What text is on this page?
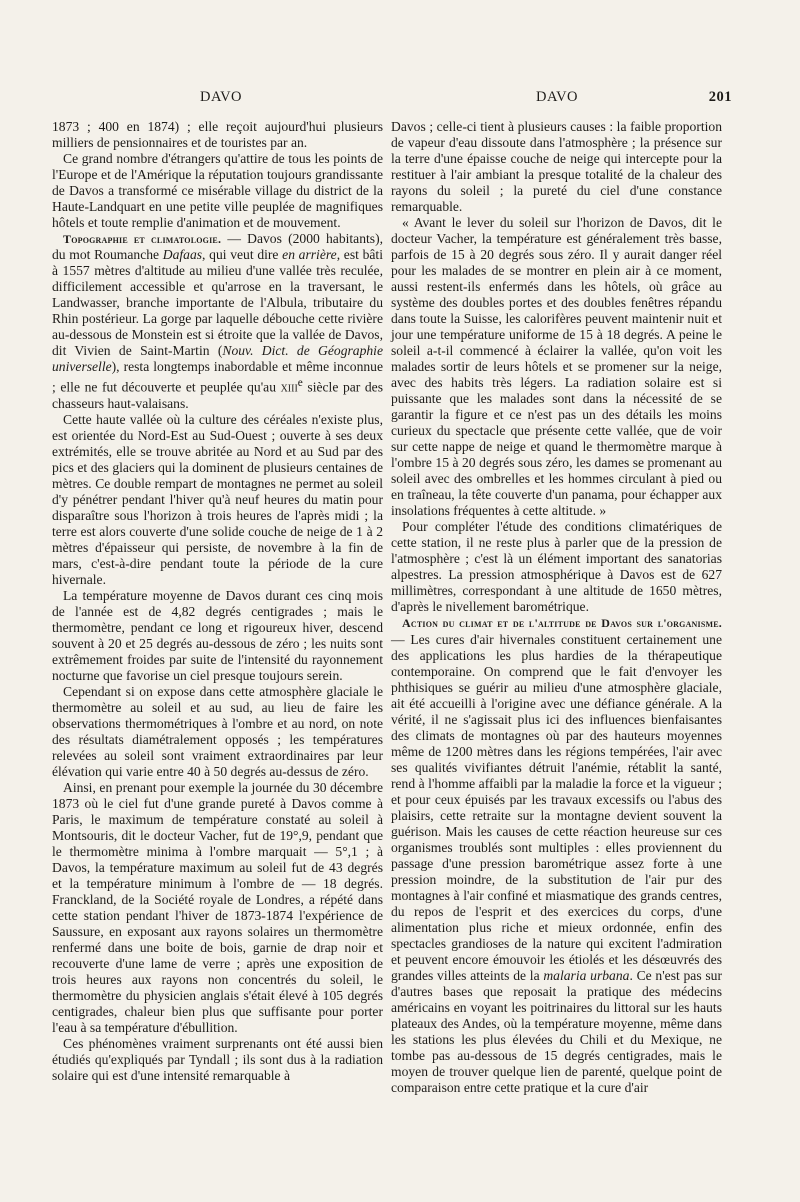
DAVO	DAVO	201

1873 ; 400 en 1874) ; elle reçoit aujourd'hui plusieurs milliers de pensionnaires et de touristes par an.

Ce grand nombre d'étrangers qu'attire de tous les points de l'Europe et de l'Amérique la réputation toujours grandissante de Davos a transformé ce misérable village du district de la Haute-Landquart en une petite ville peuplée de magnifiques hôtels et toute remplie d'animation et de mouvement.

Topographie et climatologie. — Davos (2000 habitants), du mot Roumanche Dafaas, qui veut dire en arrière, est bâti à 1557 mètres d'altitude au milieu d'une vallée très reculée, difficilement accessible et qu'arrose en la traversant, le Landwasser, branche importante de l'Albula, tributaire du Rhin postérieur. La gorge par laquelle débouche cette rivière au-dessous de Monstein est si étroite que la vallée de Davos, dit Vivien de Saint-Martin (Nouv. Dict. de Géographie universelle), resta longtemps inabordable et même inconnue ; elle ne fut découverte et peuplée qu'au xiii$^e$ siècle par des chasseurs haut-valaisans.

Cette haute vallée où la culture des céréales n'existe plus, est orientée du Nord-Est au Sud-Ouest ; ouverte à ses deux extrémités, elle se trouve abritée au Nord et au Sud par des pics et des glaciers qui la dominent de plusieurs centaines de mètres. Ce double rempart de montagnes ne permet au soleil d'y pénétrer pendant l'hiver qu'à neuf heures du matin pour disparaître sous l'horizon à trois heures de l'après midi ; la terre est alors couverte d'une solide couche de neige de 1 à 2 mètres d'épaisseur qui persiste, de novembre à la fin de mars, c'est-à-dire pendant toute la période de la cure hivernale.

La température moyenne de Davos durant ces cinq mois de l'année est de 4,82 degrés centigrades ; mais le thermomètre, pendant ce long et rigoureux hiver, descend souvent à 20 et 25 degrés au-dessous de zéro ; les nuits sont extrêmement froides par suite de l'intensité du rayonnement nocturne que favorise un ciel presque toujours serein.

Cependant si on expose dans cette atmosphère glaciale le thermomètre au soleil et au sud, au lieu de faire les observations thermométriques à l'ombre et au nord, on note des résultats diamétralement opposés ; les températures relevées au soleil sont vraiment extraordinaires par leur élévation qui varie entre 40 à 50 degrés au-dessus de zéro.

Ainsi, en prenant pour exemple la journée du 30 décembre 1873 où le ciel fut d'une grande pureté à Davos comme à Paris, le maximum de température constaté au soleil à Montsouris, dit le docteur Vacher, fut de 19°,9, pendant que le thermomètre minima à l'ombre marquait — 5°,1 ; à Davos, la température maximum au soleil fut de 43 degrés et la température minimum à l'ombre de — 18 degrés. Franckland, de la Société royale de Londres, a répété dans cette station pendant l'hiver de 1873-1874 l'expérience de Saussure, en exposant aux rayons solaires un thermomètre renfermé dans une boite de bois, garnie de drap noir et recouverte d'une lame de verre ; après une exposition de trois heures aux rayons non concentrés du soleil, le thermomètre du physicien anglais s'était élevé à 105 degrés centigrades, chaleur bien plus que suffisante pour porter l'eau à sa température d'ébullition.

Ces phénomènes vraiment surprenants ont été aussi bien étudiés qu'expliqués par Tyndall ; ils sont dus à la radiation solaire qui est d'une intensité remarquable à

Davos ; celle-ci tient à plusieurs causes : la faible proportion de vapeur d'eau dissoute dans l'atmosphère ; la présence sur la terre d'une épaisse couche de neige qui intercepte pour la restituer à l'air ambiant la presque totalité de la chaleur des rayons du soleil ; la pureté du ciel d'une constance remarquable.

« Avant le lever du soleil sur l'horizon de Davos, dit le docteur Vacher, la température est généralement très basse, parfois de 15 à 20 degrés sous zéro. Il y aurait danger réel pour les malades de se montrer en plein air à ce moment, aussi restent-ils enfermés dans les hôtels, où grâce au système des doubles portes et des doubles fenêtres répandu dans toute la Suisse, les calorifères peuvent maintenir nuit et jour une température uniforme de 15 à 18 degrés. A peine le soleil a-t-il commencé à éclairer la vallée, qu'on voit les malades sortir de leurs hôtels et se promener sur la neige, avec des habits très légers. La radiation solaire est si puissante que les malades sont dans la nécessité de se garantir la figure et ce n'est pas un des détails les moins curieux du spectacle que présente cette vallée, que de voir sur cette nappe de neige et quand le thermomètre marque à l'ombre 15 à 20 degrés sous zéro, les dames se promenant au soleil avec des ombrelles et les hommes circulant à pied ou en traîneau, la tête couverte d'un panama, pour échapper aux insolations fréquentes à cette altitude. »

Pour compléter l'étude des conditions climatériques de cette station, il ne reste plus à parler que de la pression de l'atmosphère ; c'est là un élément important des sanatorias alpestres. La pression atmosphérique à Davos est de 627 millimètres, correspondant à une altitude de 1650 mètres, d'après le nivellement barométrique.

Action du climat et de l'altitude de Davos sur l'organisme. — Les cures d'air hivernales constituent certainement une des applications les plus hardies de la thérapeutique contemporaine. On comprend que le fait d'envoyer les phthisiques se guérir au milieu d'une atmosphère glaciale, ait été accueilli à l'origine avec une défiance générale. A la vérité, il ne s'agissait plus ici des influences bienfaisantes des climats de montagnes où par des hauteurs moyennes même de 1200 mètres dans les régions tempérées, l'air avec ses qualités vivifiantes détruit l'anémie, rétablit la santé, rend à l'homme affaibli par la maladie la force et la vigueur ; et pour ceux épuisés par les travaux excessifs ou l'abus des plaisirs, cette retraite sur la montagne devient souvent la guérison. Mais les causes de cette réaction heureuse sur ces organismes troublés sont multiples : elles proviennent du passage d'une pression barométrique assez forte à une pression moindre, de la substitution de l'air pur des montagnes à l'air confiné et miasmatique des grands centres, du repos de l'esprit et des exercices du corps, d'une alimentation plus riche et mieux ordonnée, enfin des spectacles grandioses de la nature qui excitent l'admiration et peuvent encore émouvoir les étiolés et les désœuvrés des grandes villes atteints de la malaria urbana. Ce n'est pas sur d'autres bases que reposait la pratique des médecins américains en voyant les poitrinaires du littoral sur les hauts plateaux des Andes, où la température moyenne, même dans les stations les plus élevées du Chili et du Mexique, ne tombe pas au-dessous de 15 degrés centigrades, mais le moyen de trouver quelque lien de parenté, quelque point de comparaison entre cette pratique et la cure d'air
